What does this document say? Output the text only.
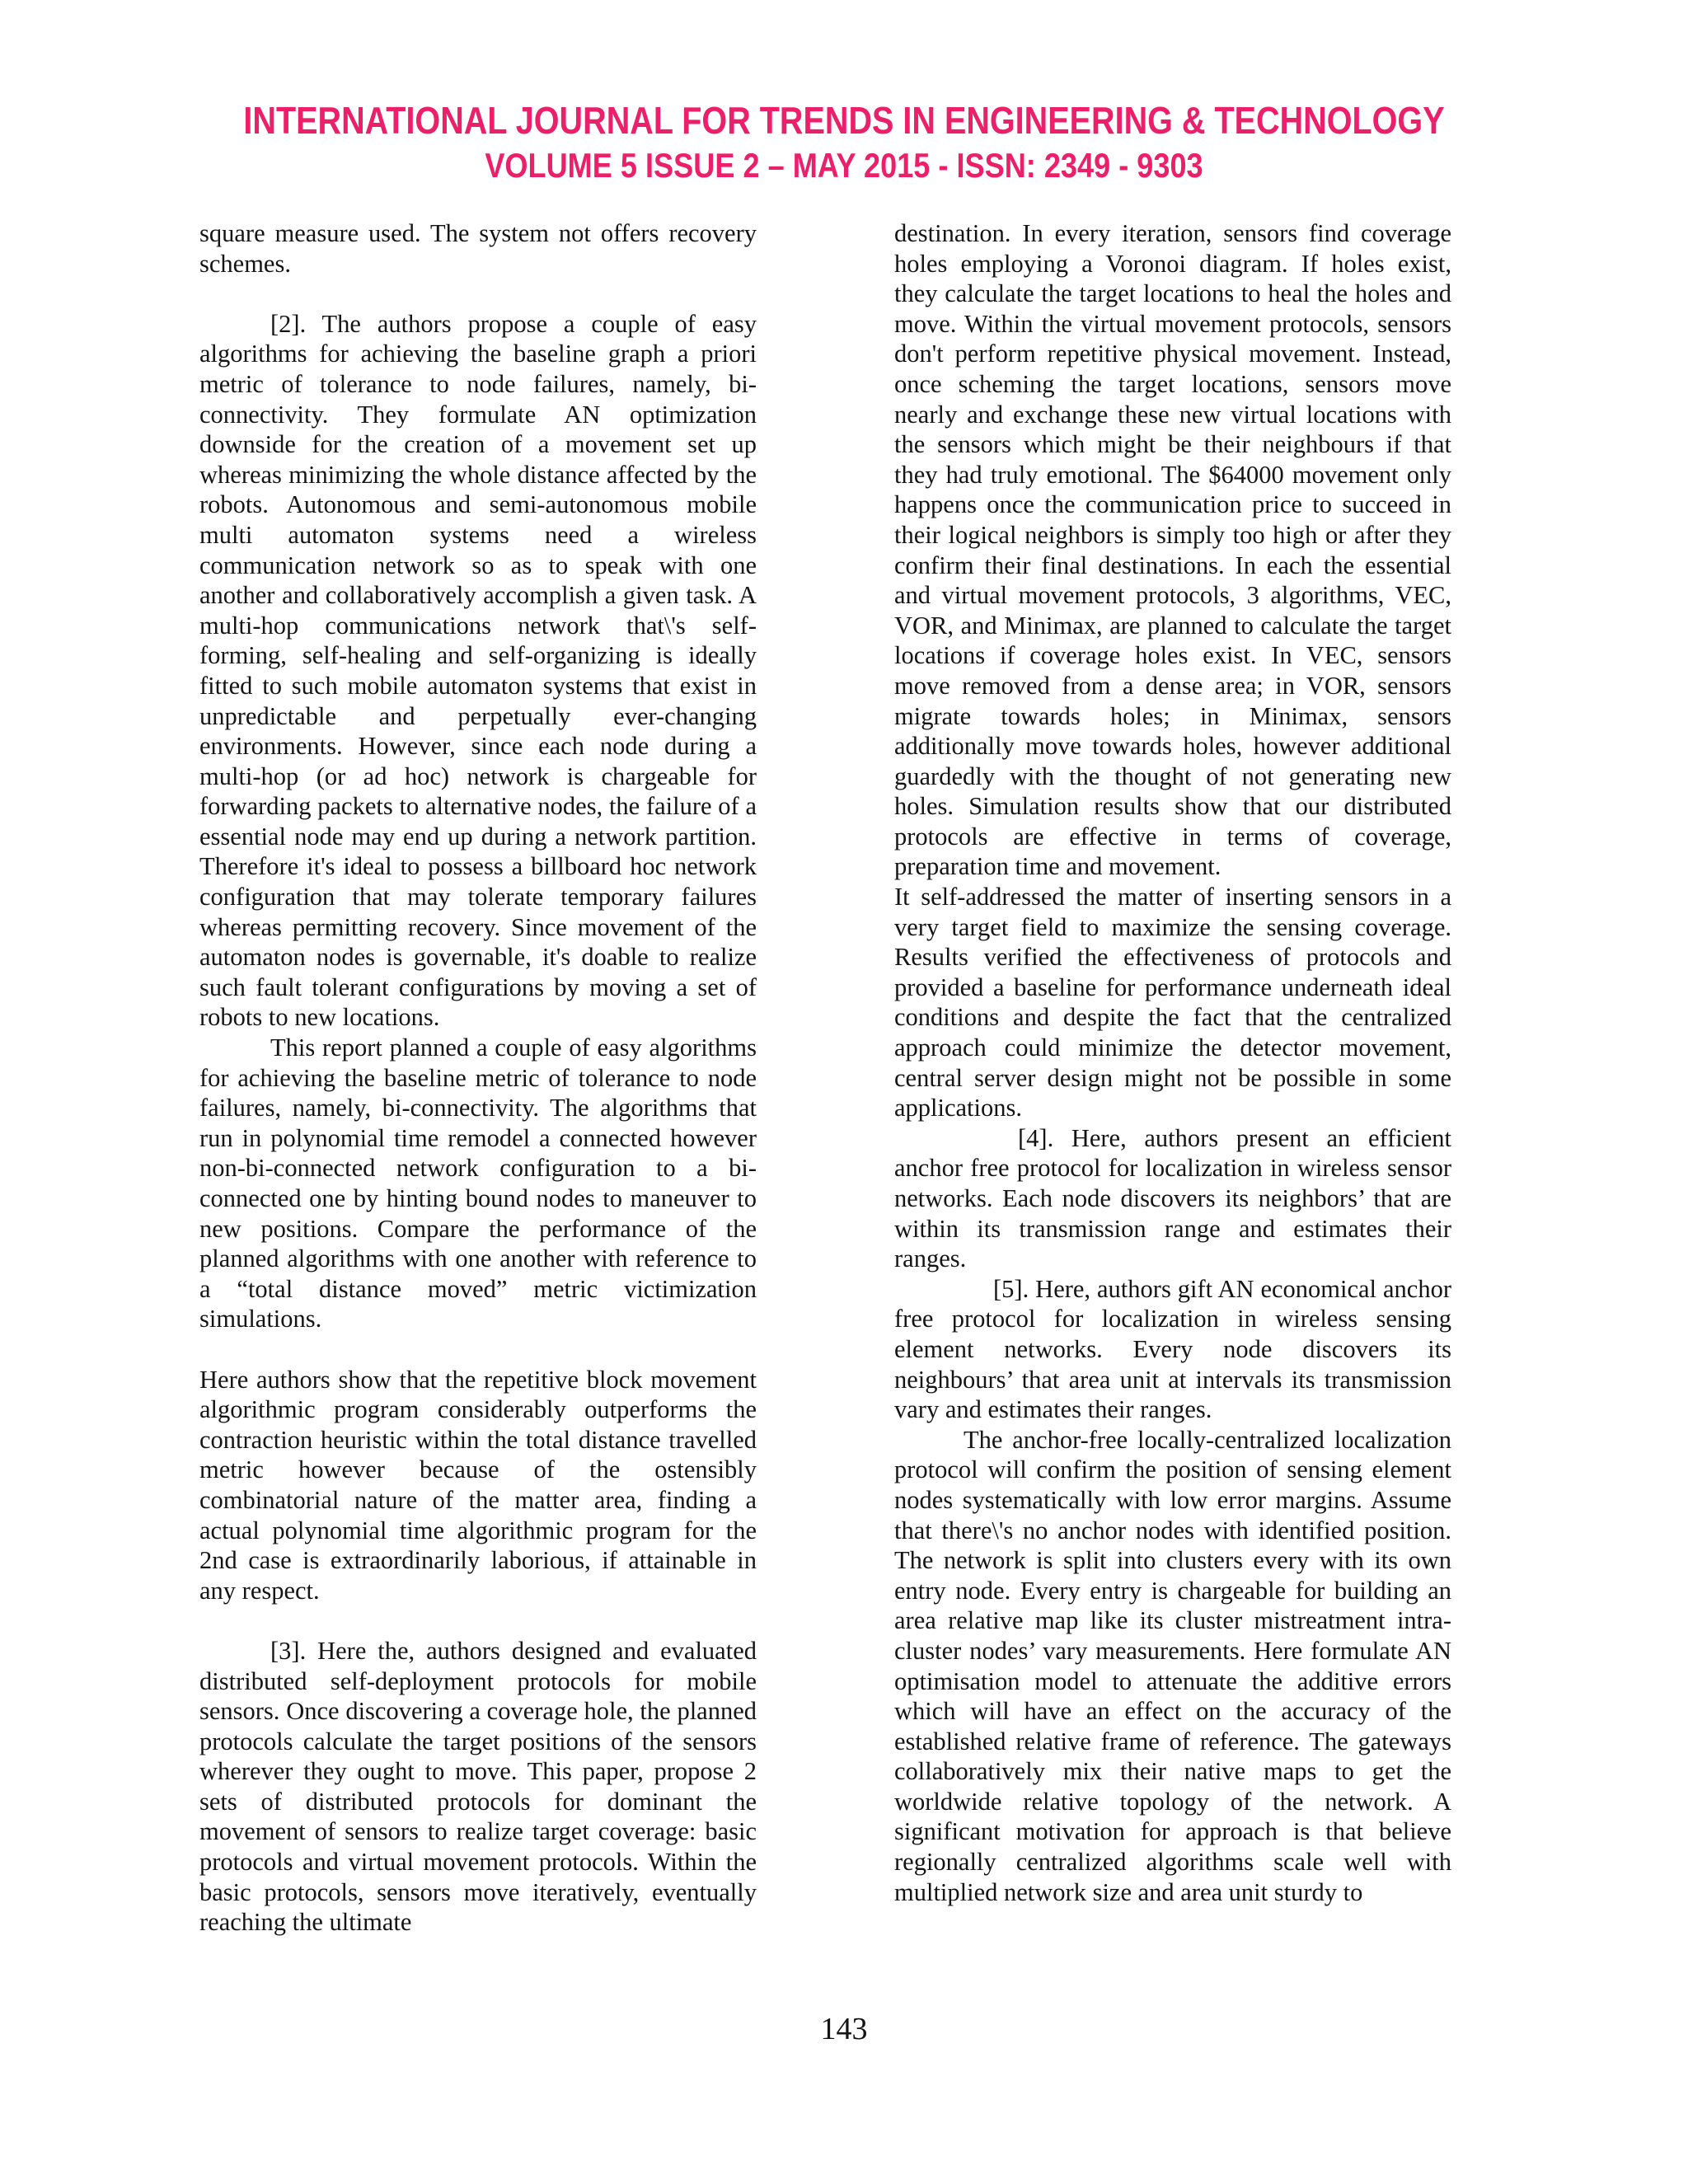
INTERNATIONAL JOURNAL FOR TRENDS IN ENGINEERING & TECHNOLOGY
VOLUME 5 ISSUE 2 – MAY 2015 - ISSN: 2349 - 9303

square measure used. The system not offers recovery schemes.

[2]. The authors propose a couple of easy algorithms for achieving the baseline graph a priori metric of tolerance to node failures, namely, bi-connectivity. They formulate AN optimization downside for the creation of a movement set up whereas minimizing the whole distance affected by the robots. Autonomous and semi-autonomous mobile multi automaton systems need a wireless communication network so as to speak with one another and collaboratively accomplish a given task. A multi-hop communications network that\'s self-forming, self-healing and self-organizing is ideally fitted to such mobile automaton systems that exist in unpredictable and perpetually ever-changing environments. However, since each node during a multi-hop (or ad hoc) network is chargeable for forwarding packets to alternative nodes, the failure of a essential node may end up during a network partition. Therefore it's ideal to possess a billboard hoc network configuration that may tolerate temporary failures whereas permitting recovery. Since movement of the automaton nodes is governable, it's doable to realize such fault tolerant configurations by moving a set of robots to new locations.

This report planned a couple of easy algorithms for achieving the baseline metric of tolerance to node failures, namely, bi-connectivity. The algorithms that run in polynomial time remodel a connected however non-bi-connected network configuration to a bi-connected one by hinting bound nodes to maneuver to new positions. Compare the performance of the planned algorithms with one another with reference to a “total distance moved” metric victimization simulations.

Here authors show that the repetitive block movement algorithmic program considerably outperforms the contraction heuristic within the total distance travelled metric however because of the ostensibly combinatorial nature of the matter area, finding a actual polynomial time algorithmic program for the 2nd case is extraordinarily laborious, if attainable in any respect.

[3]. Here the, authors designed and evaluated distributed self-deployment protocols for mobile sensors. Once discovering a coverage hole, the planned protocols calculate the target positions of the sensors wherever they ought to move. This paper, propose 2 sets of distributed protocols for dominant the movement of sensors to realize target coverage: basic protocols and virtual movement protocols. Within the basic protocols, sensors move iteratively, eventually reaching the ultimate

destination. In every iteration, sensors find coverage holes employing a Voronoi diagram. If holes exist, they calculate the target locations to heal the holes and move. Within the virtual movement protocols, sensors don't perform repetitive physical movement. Instead, once scheming the target locations, sensors move nearly and exchange these new virtual locations with the sensors which might be their neighbours if that they had truly emotional. The $64000 movement only happens once the communication price to succeed in their logical neighbors is simply too high or after they confirm their final destinations. In each the essential and virtual movement protocols, 3 algorithms, VEC, VOR, and Minimax, are planned to calculate the target locations if coverage holes exist. In VEC, sensors move removed from a dense area; in VOR, sensors migrate towards holes; in Minimax, sensors additionally move towards holes, however additional guardedly with the thought of not generating new holes. Simulation results show that our distributed protocols are effective in terms of coverage, preparation time and movement.

It self-addressed the matter of inserting sensors in a very target field to maximize the sensing coverage. Results verified the effectiveness of protocols and provided a baseline for performance underneath ideal conditions and despite the fact that the centralized approach could minimize the detector movement, central server design might not be possible in some applications.

[4]. Here, authors present an efficient anchor free protocol for localization in wireless sensor networks. Each node discovers its neighbors’ that are within its transmission range and estimates their ranges.

[5]. Here, authors gift AN economical anchor free protocol for localization in wireless sensing element networks. Every node discovers its neighbours’ that area unit at intervals its transmission vary and estimates their ranges.

The anchor-free locally-centralized localization protocol will confirm the position of sensing element nodes systematically with low error margins. Assume that there\'s no anchor nodes with identified position. The network is split into clusters every with its own entry node. Every entry is chargeable for building an area relative map like its cluster mistreatment intra-cluster nodes’ vary measurements. Here formulate AN optimisation model to attenuate the additive errors which will have an effect on the accuracy of the established relative frame of reference. The gateways collaboratively mix their native maps to get the worldwide relative topology of the network. A significant motivation for approach is that believe regionally centralized algorithms scale well with multiplied network size and area unit sturdy to

143
